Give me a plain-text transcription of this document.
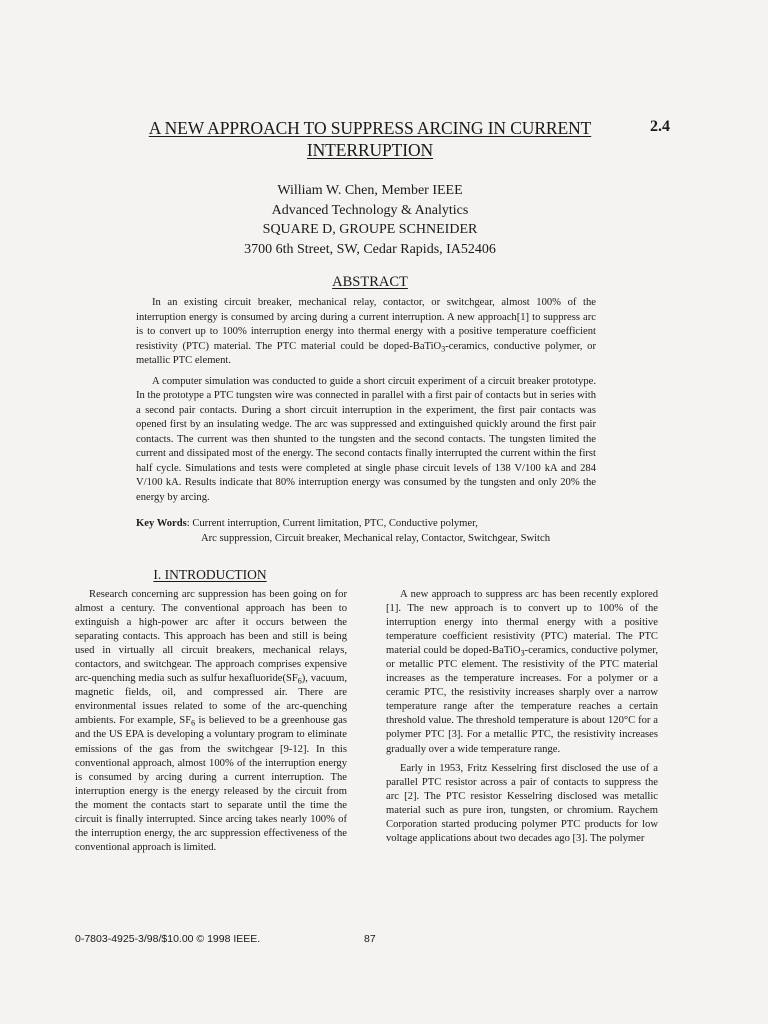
A NEW APPROACH TO SUPPRESS ARCING IN CURRENT INTERRUPTION
2.4
William W. Chen, Member IEEE
Advanced Technology & Analytics
SQUARE D, GROUPE SCHNEIDER
3700 6th Street, SW, Cedar Rapids, IA52406
ABSTRACT

In an existing circuit breaker, mechanical relay, contactor, or switchgear, almost 100% of the interruption energy is consumed by arcing during a current interruption. A new approach[1] to suppress arc is to convert up to 100% interruption energy into thermal energy with a positive temperature coefficient resistivity (PTC) material. The PTC material could be doped-BaTiO$_3$-ceramics, conductive polymer, or metallic PTC element.

A computer simulation was conducted to guide a short circuit experiment of a circuit breaker prototype. In the prototype a PTC tungsten wire was connected in parallel with a first pair of contacts but in series with a second pair contacts. During a short circuit interruption in the experiment, the first pair contacts was opened first by an insulating wedge. The arc was suppressed and extinguished quickly around the first pair contacts. The current was then shunted to the tungsten and the second contacts. The tungsten limited the current and dissipated most of the energy. The second contacts finally interrupted the current within the first half cycle. Simulations and tests were completed at single phase circuit levels of 138 V/100 kA and 284 V/100 kA. Results indicate that 80% interruption energy was consumed by the tungsten and only 20% the energy by arcing.

Key Words: Current interruption, Current limitation, PTC, Conductive polymer,
Arc suppression, Circuit breaker, Mechanical relay, Contactor, Switchgear, Switch
I. INTRODUCTION

Research concerning arc suppression has been going on for almost a century. The conventional approach has been to extinguish a high-power arc after it occurs between the separating contacts. This approach has been and still is being used in virtually all circuit breakers, mechanical relays, contactors, and switchgear. The approach comprises expensive arc-quenching media such as sulfur $hexafluoride(SF_6)$, vacuum, magnetic fields, oil, and compressed air. There are environmental issues related to some of the arc-quenching ambients. For example, $SF_6$ is believed to be a greenhouse gas and the US EPA is developing a voluntary program to eliminate emissions of the gas from the switchgear [9-12]. In this conventional approach, almost 100% of the interruption energy is consumed by arcing during a current interruption. The interruption energy is the energy released by the circuit from the moment the contacts start to separate until the time the circuit is finally interrupted. Since arcing takes nearly 100% of the interruption energy, the arc suppression effectiveness of the conventional approach is limited.

A new approach to suppress arc has been recently explored [1]. The new approach is to convert up to 100% of the interruption energy into thermal energy with a positive temperature coefficient resistivity (PTC) material. The PTC material could be doped-BaTiO$_3$-ceramics, conductive polymer, or metallic PTC element. The resistivity of the PTC material increases as the temperature increases. For a polymer or a ceramic PTC, the resistivity increases sharply over a narrow temperature range after the temperature reaches a certain threshold value. The threshold temperature is about 120°C for a polymer PTC [3]. For a metallic PTC, the resistivity increases gradually over a wide temperature range.

Early in 1953, Fritz Kesselring first disclosed the use of a parallel PTC resistor across a pair of contacts to suppress the arc [2]. The PTC resistor Kesselring disclosed was metallic material such as pure iron, tungsten, or chromium. Raychem Corporation started producing polymer PTC products for low voltage applications about two decades ago [3]. The polymer

0-7803-4925-3/98/$10.00 © 1998 IEEE.	87
